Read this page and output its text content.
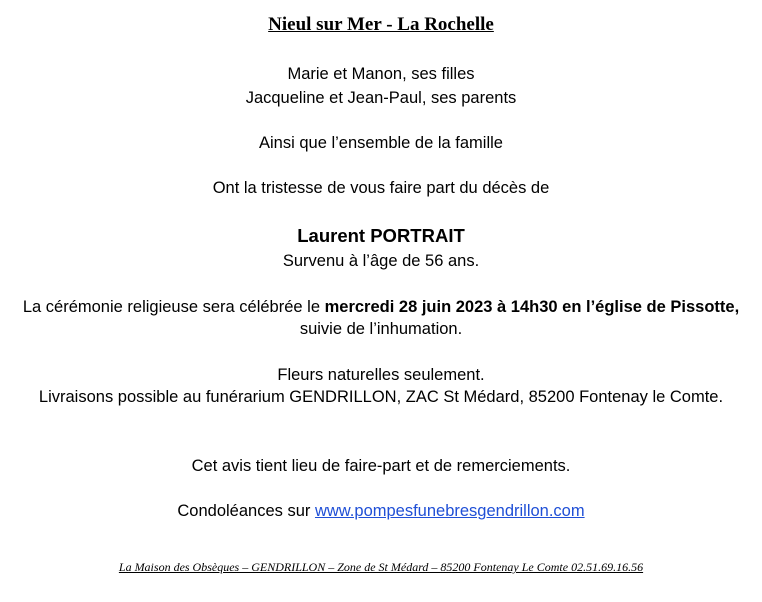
Nieul sur Mer - La Rochelle
Marie et Manon, ses filles
Jacqueline et Jean-Paul, ses parents
Ainsi que l’ensemble de la famille
Ont la tristesse de vous faire part du décès de
Laurent PORTRAIT
Survenu à l’âge de 56 ans.
La cérémonie religieuse sera célébrée le mercredi 28 juin 2023 à 14h30 en l’église de Pissotte,
suivie de l’inhumation.
Fleurs naturelles seulement.
Livraisons possible au funérarium GENDRILLON, ZAC St Médard, 85200 Fontenay le Comte.
Cet avis tient lieu de faire-part et de remerciements.
Condoléances sur www.pompesfunebresgendrillon.com
La Maison des Obsèques – GENDRILLON – Zone de St Médard – 85200 Fontenay Le Comte 02.51.69.16.56
